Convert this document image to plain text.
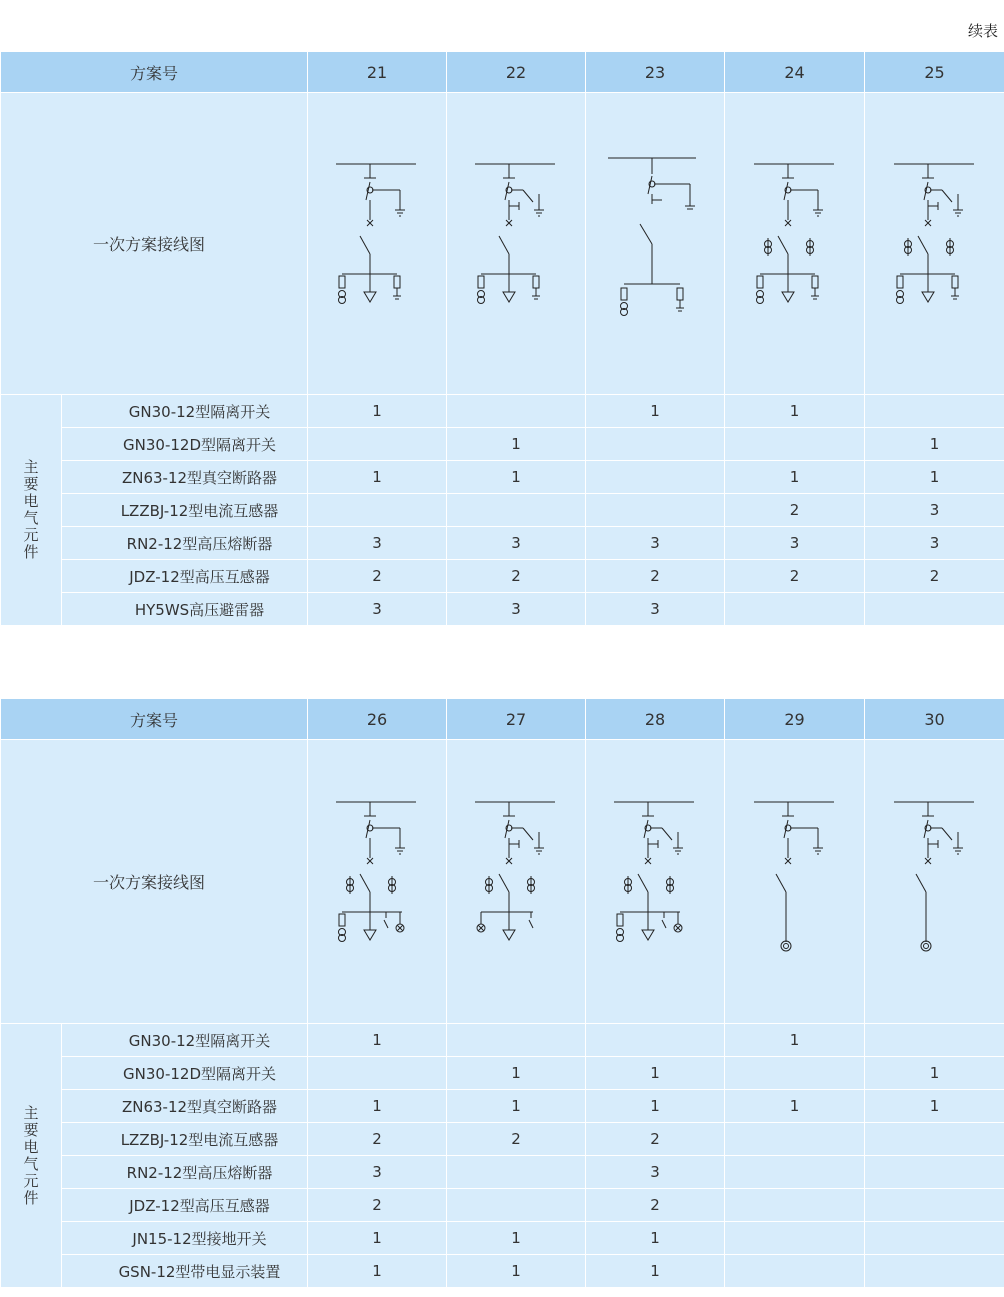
续表
方案号		21	22	23	24	25
一次方案接线图	

主要电气元件	GN30-12型隔离开关	1		1	1	
	GN30-12D型隔离开关		1			1
	ZN63-12型真空断路器	1	1		1	1
	LZZBJ-12型电流互感器				2	3
	RN2-12型高压熔断器	3	3	3	3	3
	JDZ-12型高压互感器	2	2	2	2	2
	HY5WS高压避雷器	3	3	3		
方案号		26	27	28	29	30
一次方案接线图	

主要电气元件	GN30-12型隔离开关	1			1	
	GN30-12D型隔离开关		1	1		1
	ZN63-12型真空断路器	1	1	1	1	1
	LZZBJ-12型电流互感器	2	2	2		
	RN2-12型高压熔断器	3		3		
	JDZ-12型高压互感器	2		2		
	JN15-12型接地开关	1	1	1		
	GSN-12型带电显示装置	1	1	1		
